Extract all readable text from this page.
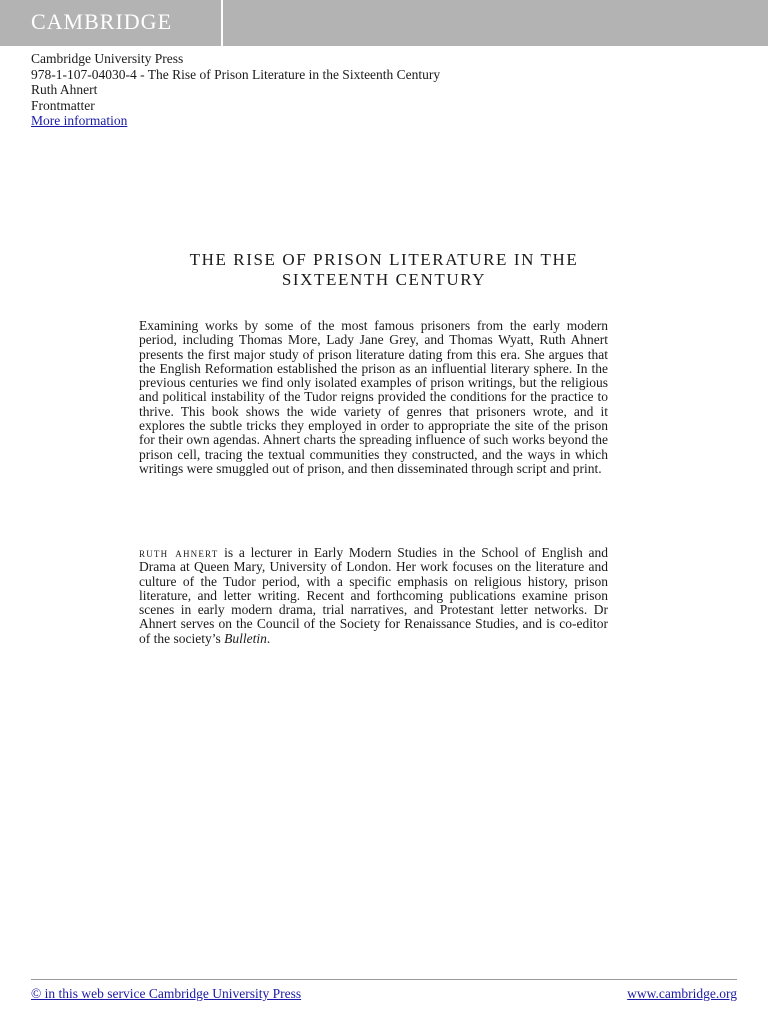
CAMBRIDGE
Cambridge University Press
978-1-107-04030-4 - The Rise of Prison Literature in the Sixteenth Century
Ruth Ahnert
Frontmatter
More information
THE RISE OF PRISON LITERATURE IN THE
SIXTEENTH CENTURY
Examining works by some of the most famous prisoners from the early modern period, including Thomas More, Lady Jane Grey, and Thomas Wyatt, Ruth Ahnert presents the first major study of prison literature dating from this era. She argues that the English Reformation established the prison as an influential literary sphere. In the previous centuries we find only isolated examples of prison writings, but the religious and political instability of the Tudor reigns provided the conditions for the practice to thrive. This book shows the wide variety of genres that prisoners wrote, and it explores the subtle tricks they employed in order to appropriate the site of the prison for their own agendas. Ahnert charts the spreading influence of such works beyond the prison cell, tracing the textual communities they constructed, and the ways in which writings were smuggled out of prison, and then disseminated through script and print.
ruth ahnert is a lecturer in Early Modern Studies in the School of English and Drama at Queen Mary, University of London. Her work focuses on the literature and culture of the Tudor period, with a specific emphasis on religious history, prison literature, and letter writing. Recent and forthcoming publications examine prison scenes in early modern drama, trial narratives, and Protestant letter networks. Dr Ahnert serves on the Council of the Society for Renaissance Studies, and is co-editor of the society’s Bulletin.
© in this web service Cambridge University Press	www.cambridge.org
